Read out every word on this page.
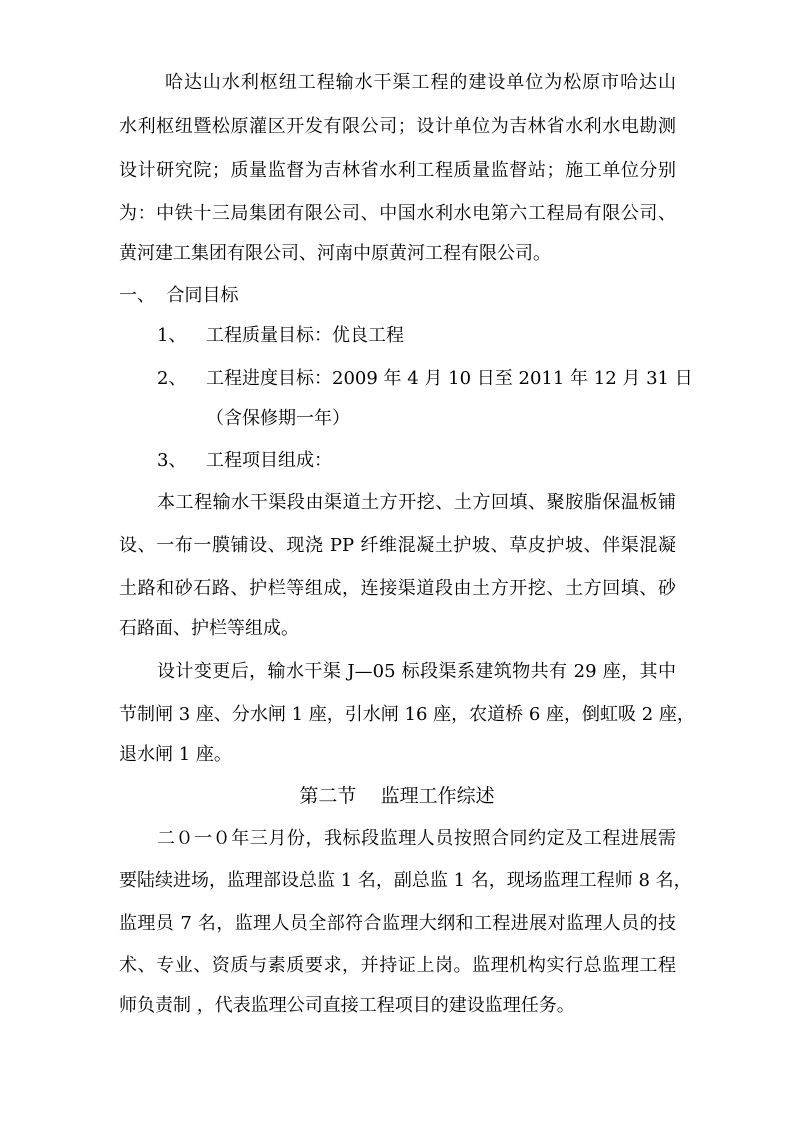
哈达山水利枢纽工程输水干渠工程的建设单位为松原市哈达山
水利枢纽暨松原灌区开发有限公司；设计单位为吉林省水利水电勘测
设计研究院；质量监督为吉林省水利工程质量监督站；施工单位分别
为：中铁十三局集团有限公司、中国水利水电第六工程局有限公司、
黄河建工集团有限公司、河南中原黄河工程有限公司。
一、  合同目标
1、 工程质量目标：优良工程
2、 工程进度目标：2009 年 4 月 10 日至 2011 年 12 月 31 日
（含保修期一年）
3、 工程项目组成：
本工程输水干渠段由渠道土方开挖、土方回填、聚胺脂保温板铺
设、一布一膜铺设、现浇 PP 纤维混凝土护坡、草皮护坡、伴渠混凝
土路和砂石路、护栏等组成，连接渠道段由土方开挖、土方回填、砂
石路面、护栏等组成。
设计变更后，输水干渠 J—05 标段渠系建筑物共有 29 座，其中
节制闸 3 座、分水闸 1 座，引水闸 16 座，农道桥 6 座，倒虹吸 2 座，
退水闸 1 座。
第二节    监理工作综述
二０一０年三月份，我标段监理人员按照合同约定及工程进展需
要陆续进场，监理部设总监 1 名，副总监 1 名，现场监理工程师 8 名，
监理员 7 名，监理人员全部符合监理大纲和工程进展对监理人员的技
术、专业、资质与素质要求，并持证上岗。监理机构实行总监理工程
师负责制 ，代表监理公司直接工程项目的建设监理任务。
